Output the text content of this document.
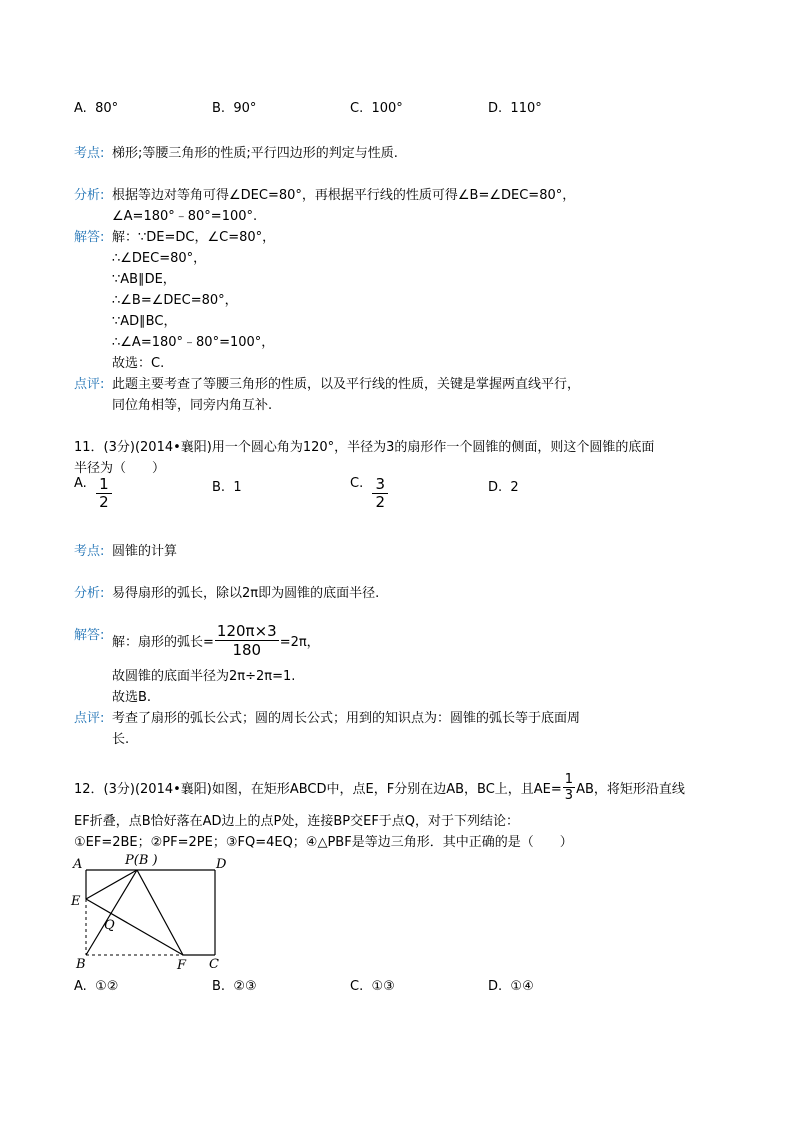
A. 80°	B. 90°	C. 100°	D. 110°
考点: 梯形;等腰三角形的性质;平行四边形的判定与性质.
分析: 根据等边对等角可得∠DEC=80°，再根据平行线的性质可得∠B=∠DEC=80°，
∠A=180°﹣80°=100°.
解答: 解：∵DE=DC，∠C=80°，
∴∠DEC=80°，
∵AB∥DE，
∴∠B=∠DEC=80°，
∵AD∥BC，
∴∠A=180°﹣80°=100°，
故选：C.
点评: 此题主要考查了等腰三角形的性质，以及平行线的性质，关键是掌握两直线平行，
同位角相等，同旁内角互补.
11．(3分)(2014•襄阳)用一个圆心角为120°，半径为3的扇形作一个圆锥的侧面，则这个圆锥的底面
半径为（　　）
A. $\frac{1}{2}$	B. 1	C. $\frac{3}{2}$	D. 2
考点: 圆锥的计算
分析: 易得扇形的弧长，除以2π即为圆锥的底面半径.
解答: 解：扇形的弧长= $\frac{120\pi\times 3}{180} =2\pi$，
故圆锥的底面半径为2π÷2π=1.
故选B.
点评: 考查了扇形的弧长公式；圆的周长公式；用到的知识点为：圆锥的弧长等于底面周
长.
12．(3分)(2014•襄阳)如图，在矩形ABCD中，点E，F分别在边AB，BC上，且$AE= \frac{1}{3}$ AB，将矩形沿直线
EF折叠，点B恰好落在AD边上的点P处，连接BP交EF于点Q，对于下列结论：
①EF=2BE；②PF=2PE；③FQ=4EQ；④△PBF是等边三角形．其中正确的是（　　）
A	P(B )	D
E
Q
B	F C
A. ①②	B. ②③	C. ①③	D. ①④
